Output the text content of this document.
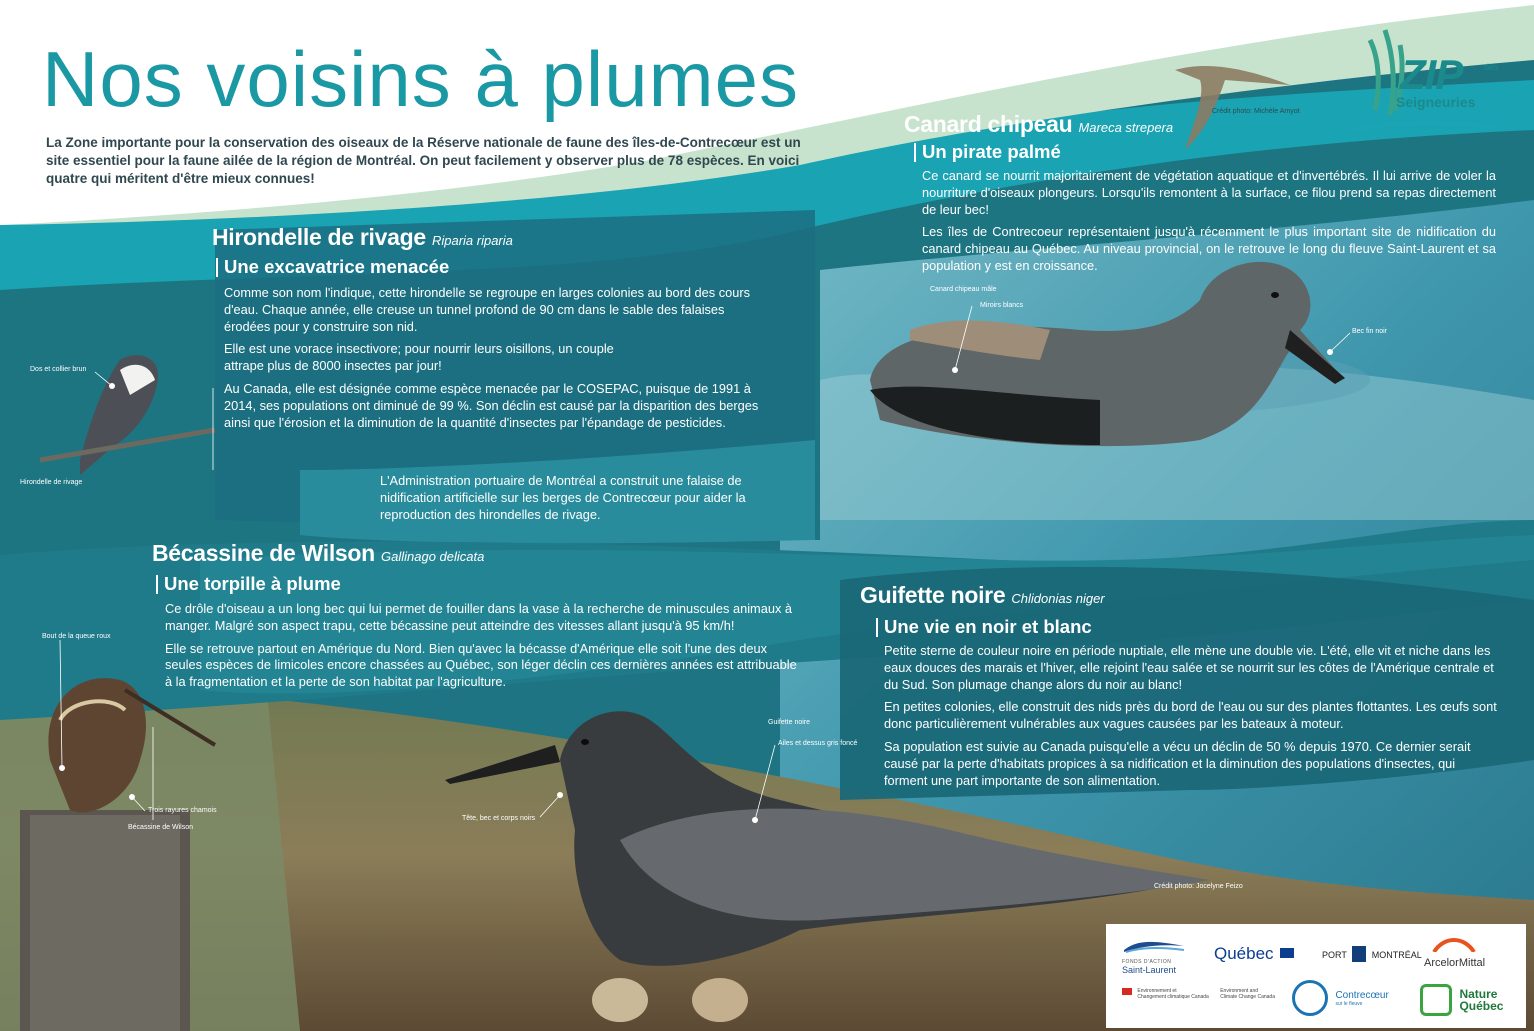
Nos voisins à plumes

La Zone importante pour la conservation des oiseaux de la Réserve nationale de faune des îles-de-Contrecœur est un site essentiel pour la faune ailée de la région de Montréal. On peut facilement y observer plus de 78 espèces. En voici quatre qui méritent d'être mieux connues!

ZIP des
Seigneuries
Hirondelle de rivage Riparia riparia
Une excavatrice menacée

Comme son nom l'indique, cette hirondelle se regroupe en larges colonies au bord des cours d'eau. Chaque année, elle creuse un tunnel profond de 90 cm dans le sable des falaises érodées pour y construire son nid.

Elle est une vorace insectivore; pour nourrir leurs oisillons, un couple attrape plus de 8000 insectes par jour!

Au Canada, elle est désignée comme espèce menacée par le COSEPAC, puisque de 1991 à 2014, ses populations ont diminué de 99 %. Son déclin est causé par la disparition des berges ainsi que l'érosion et la diminution de la quantité d'insectes par l'épandage de pesticides.

L'Administration portuaire de Montréal a construit une falaise de nidification artificielle sur les berges de Contrecœur pour aider la reproduction des hirondelles de rivage.
Dos et collier brun
Hirondelle de rivage
Canard chipeau Mareca strepera
Un pirate palmé

Ce canard se nourrit majoritairement de végétation aquatique et d'invertébrés. Il lui arrive de voler la nourriture d'oiseaux plongeurs. Lorsqu'ils remontent à la surface, ce filou prend sa repas directement de leur bec!

Les îles de Contrecoeur représentaient jusqu'à récemment le plus important site de nidification du canard chipeau au Québec. Au niveau provincial, on le retrouve le long du fleuve Saint-Laurent et sa population y est en croissance.

Canard chipeau mâle
Miroirs blancs
Bec fin noir
Crédit photo: Michèle Amyot
Bécassine de Wilson Gallinago delicata
Une torpille à plume

Ce drôle d'oiseau a un long bec qui lui permet de fouiller dans la vase à la recherche de minuscules animaux à manger. Malgré son aspect trapu, cette bécassine peut atteindre des vitesses allant jusqu'à 95 km/h!

Elle se retrouve partout en Amérique du Nord. Bien qu'avec la bécasse d'Amérique elle soit l'une des deux seules espèces de limicoles encore chassées au Québec, son léger déclin ces dernières années est attribuable à la fragmentation et la perte de son habitat par l'agriculture.

Bout de la queue roux
Trois rayures chamois
Bécassine de Wilson
Guifette noire Chlidonias niger
Une vie en noir et blanc

Petite sterne de couleur noire en période nuptiale, elle mène une double vie. L'été, elle vit et niche dans les eaux douces des marais et l'hiver, elle rejoint l'eau salée et se nourrit sur les côtes de l'Amérique centrale et du Sud. Son plumage change alors du noir au blanc!

En petites colonies, elle construit des nids près du bord de l'eau ou sur des plantes flottantes. Les œufs sont donc particulièrement vulnérables aux vagues causées par les bateaux à moteur.

Sa population est suivie au Canada puisqu'elle a vécu un déclin de 50 % depuis 1970. Ce dernier serait causé par la perte d'habitats propices à sa nidification et la diminution des populations d'insectes, qui forment une part importante de son alimentation.

Guifette noire
Ailes et dessus gris foncé
Tête, bec et corps noirs
Crédit photo: Jocelyne Feizo
FONDS D'ACTION
Saint-Laurent
Québec	PORT	MONTRÉAL
ArcelorMittal

Environnement et
Changement climatique Canada

Environment and
Climate Change Canada
	Contrecœur
sur le fleuve

Nature
Québec
